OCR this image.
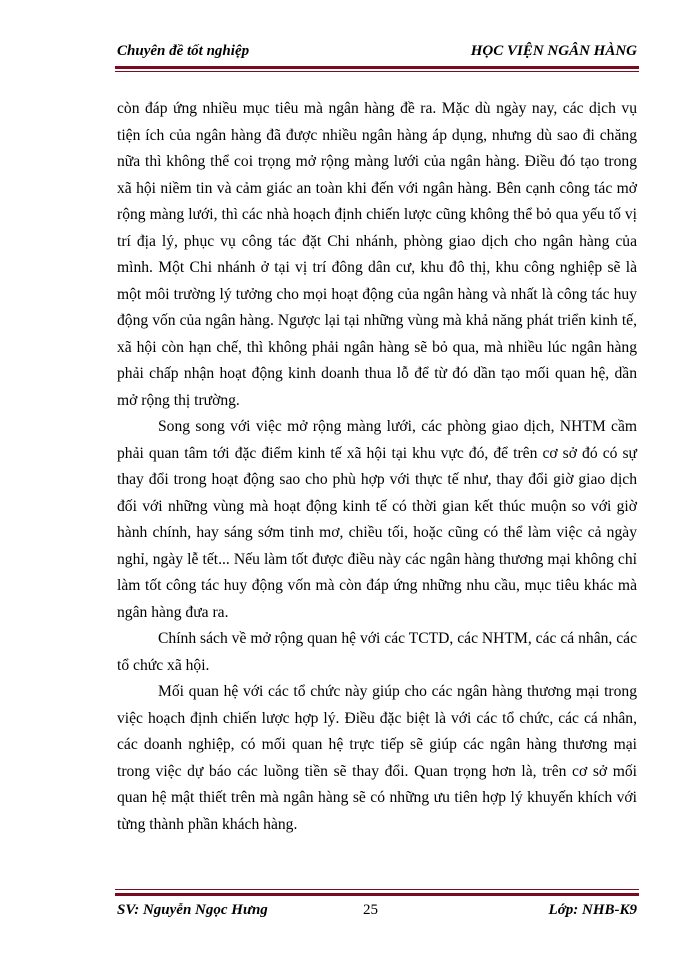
Chuyên đề tốt nghiệp	HỌC VIỆN NGÂN HÀNG

còn đáp ứng nhiều mục tiêu mà ngân hàng đề ra. Mặc dù ngày nay, các dịch vụ tiện ích của ngân hàng đã được nhiều ngân hàng áp dụng, nhưng dù sao đi chăng nữa thì không thể coi trọng mở rộng màng lưới của ngân hàng. Điều đó tạo trong xã hội niềm tin và cảm giác an toàn khi đến với ngân hàng. Bên cạnh công tác mở rộng màng lưới, thì các nhà hoạch định chiến lược cũng không thể bỏ qua yếu tố vị trí địa lý, phục vụ công tác đặt Chi nhánh, phòng giao dịch cho ngân hàng của mình. Một Chi nhánh ở tại vị trí đông dân cư, khu đô thị, khu công nghiệp sẽ là một môi trường lý tưởng cho mọi hoạt động của ngân hàng và nhất là công tác huy động vốn của ngân hàng. Ngược lại tại những vùng mà khả năng phát triển kinh tế, xã hội còn hạn chế, thì không phải ngân hàng sẽ bỏ qua, mà nhiều lúc ngân hàng phải chấp nhận hoạt động kinh doanh thua lỗ để từ đó dần tạo mối quan hệ, dần mở rộng thị trường.

Song song với việc mở rộng màng lưới, các phòng giao dịch, NHTM cầm phải quan tâm tới đặc điểm kinh tế xã hội tại khu vực đó, để trên cơ sở đó có sự thay đổi trong hoạt động sao cho phù hợp với thực tế như, thay đổi giờ giao dịch đối với những vùng mà hoạt động kinh tế có thời gian kết thúc muộn so với giờ hành chính, hay sáng sớm tinh mơ, chiều tối, hoặc cũng có thể làm việc cả ngày nghỉ, ngày lễ tết... Nếu làm tốt được điều này các ngân hàng thương mại không chỉ làm tốt công tác huy động vốn mà còn đáp ứng những nhu cầu, mục tiêu khác mà ngân hàng đưa ra.

Chính sách về mở rộng quan hệ với các TCTD, các NHTM, các cá nhân, các tổ chức xã hội.

Mối quan hệ với các tổ chức này giúp cho các ngân hàng thương mại trong việc hoạch định chiến lược hợp lý. Điều đặc biệt là với các tổ chức, các cá nhân, các doanh nghiệp, có mối quan hệ trực tiếp sẽ giúp các ngân hàng thương mại trong việc dự báo các luồng tiền sẽ thay đổi. Quan trọng hơn là, trên cơ sở mối quan hệ mật thiết trên mà ngân hàng sẽ có những ưu tiên hợp lý khuyến khích với từng thành phần khách hàng.

SV: Nguyễn Ngọc Hưng	25	Lớp: NHB-K9
